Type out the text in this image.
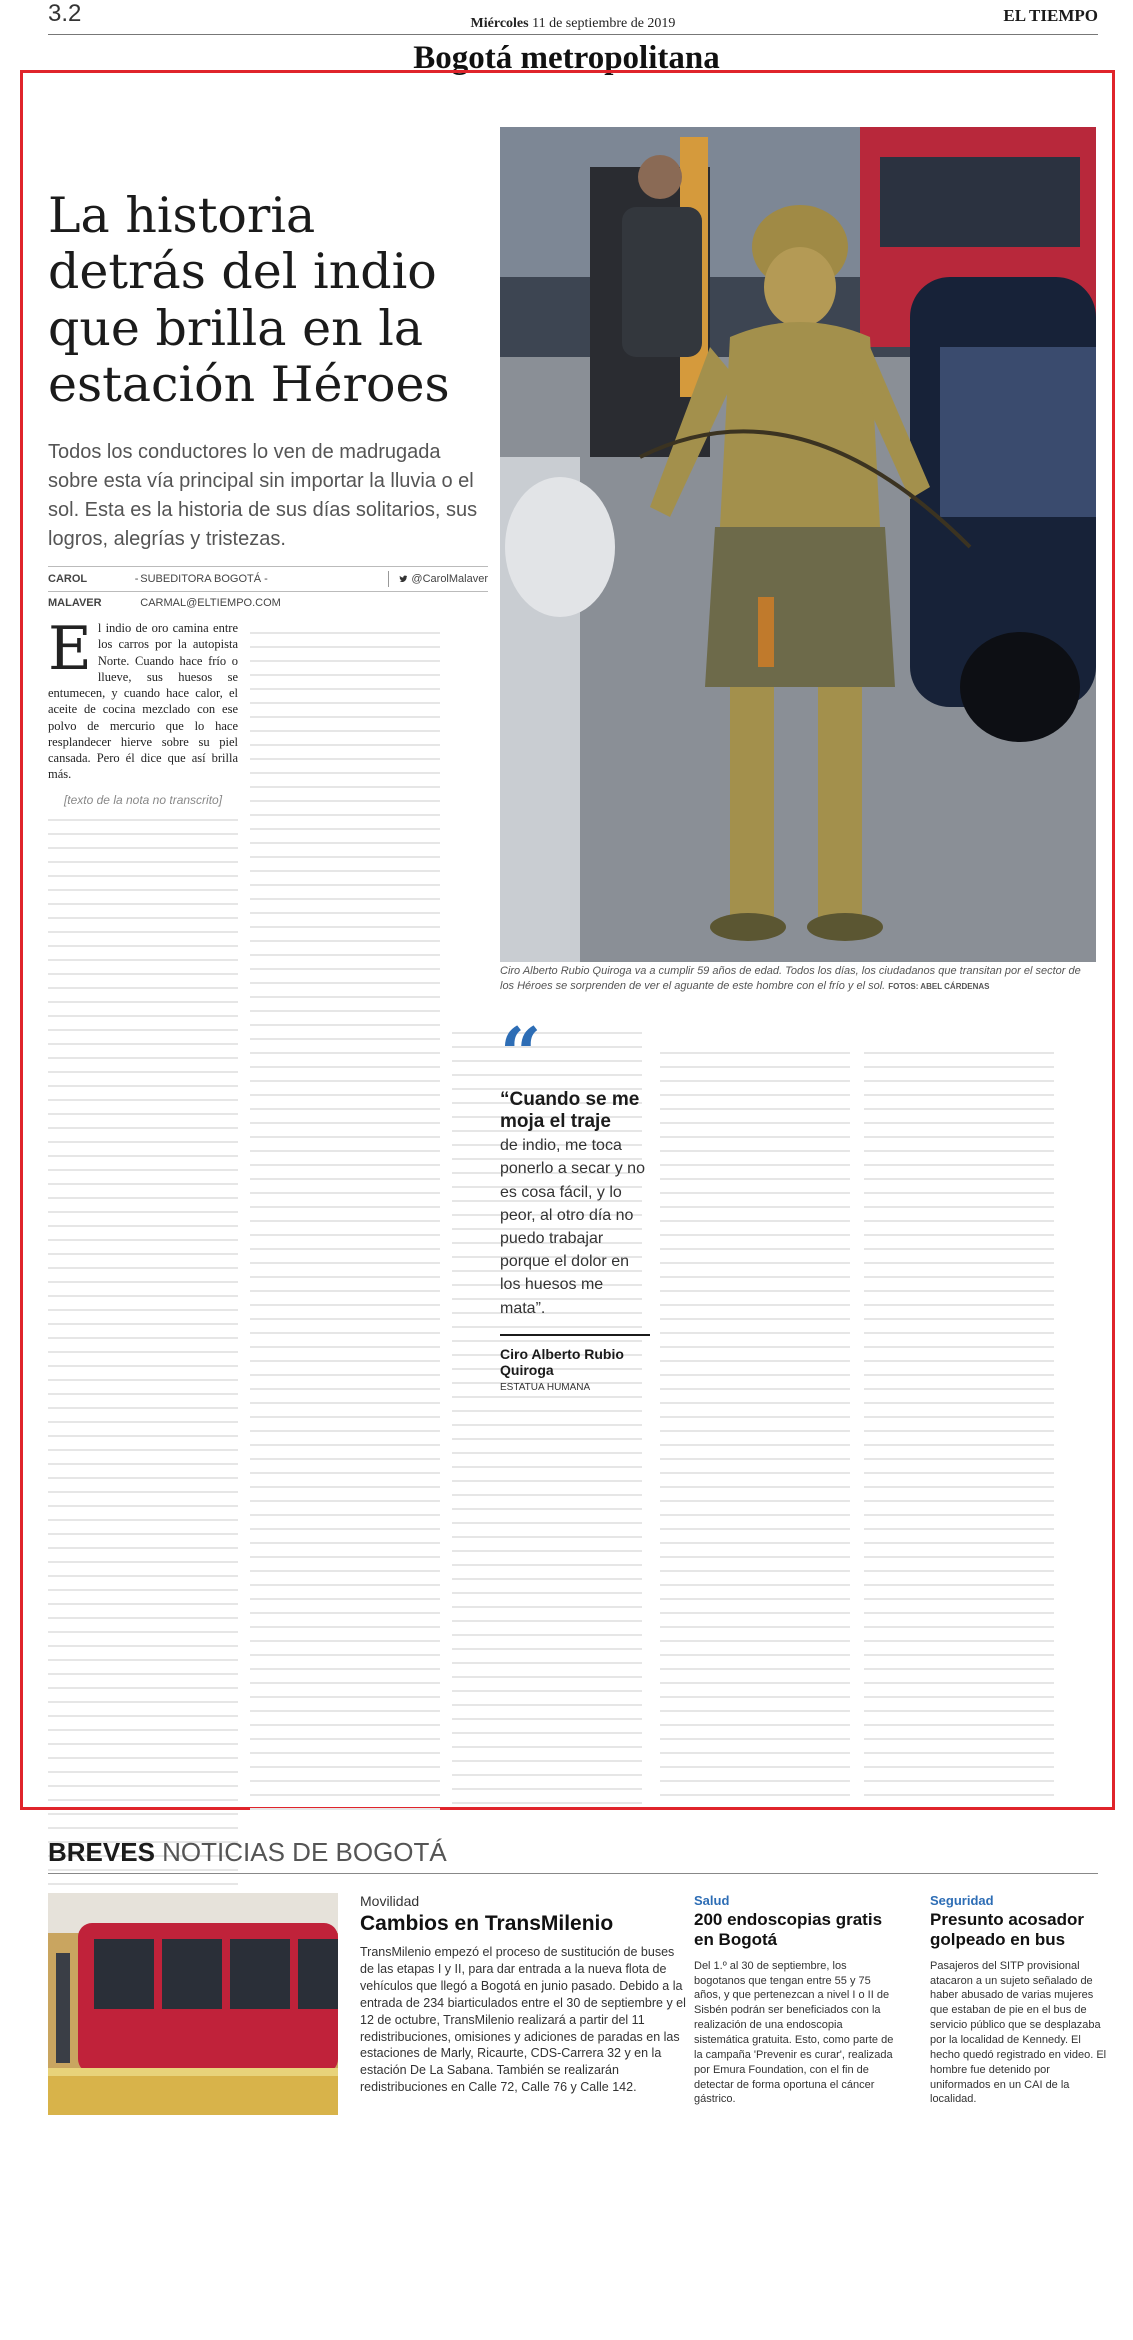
3.2	Miércoles 11 de septiembre de 2019	EL TIEMPO
Bogotá metropolitana
La historia detrás del indio que brilla en la estación Héroes

Todos los conductores lo ven de madrugada sobre esta vía principal sin importar la lluvia o el sol. Esta es la historia de sus días solitarios, sus logros, alegrías y tristezas.

CAROL MALAVER
-
SUBEDITORA BOGOTÁ - CARMAL@ELTIEMPO.COM
@CarolMalaver
Ciro Alberto Rubio Quiroga va a cumplir 59 años de edad. Todos los días, los ciudadanos que transitan por el sector de los Héroes se sorprenden de ver el aguante de este hombre con el frío y el sol. FOTOS: ABEL CÁRDENAS

E l indio de oro camina entre los carros por la autopista Norte. Cuando hace frío o llueve, sus huesos se entumecen, y cuando hace calor, el aceite de cocina mezclado con ese polvo de mercurio que lo hace resplandecer hierve sobre su piel cansada. Pero él dice que así brilla más.

[texto de la nota no transcrito]
“
“Cuando se me moja el traje
de indio, me toca ponerlo a secar y no es cosa fácil, y lo peor, al otro día no puedo trabajar porque el dolor en los huesos me mata”.
Ciro Alberto Rubio Quiroga
ESTATUA HUMANA
BREVES NOTICIAS DE BOGOTÁ
Movilidad
Cambios en TransMilenio
TransMilenio empezó el proceso de sustitución de buses de las etapas I y II, para dar entrada a la nueva flota de vehículos que llegó a Bogotá en junio pasado. Debido a la entrada de 234 biarticulados entre el 30 de septiembre y el 12 de octubre, TransMilenio realizará a partir del 11 redistribuciones, omisiones y adiciones de paradas en las estaciones de Marly, Ricaurte, CDS-Carrera 32 y en la estación De La Sabana. También se realizarán redistribuciones en Calle 72, Calle 76 y Calle 142.
Salud
200 endoscopias gratis en Bogotá
Del 1.º al 30 de septiembre, los bogotanos que tengan entre 55 y 75 años, y que pertenezcan a nivel I o II de Sisbén podrán ser beneficiados con la realización de una endoscopia sistemática gratuita. Esto, como parte de la campaña 'Prevenir es curar', realizada por Emura Foundation, con el fin de detectar de forma oportuna el cáncer gástrico.
Seguridad
Presunto acosador golpeado en bus
Pasajeros del SITP provisional atacaron a un sujeto señalado de haber abusado de varias mujeres que estaban de pie en el bus de servicio público que se desplazaba por la localidad de Kennedy. El hecho quedó registrado en video. El hombre fue detenido por uniformados en un CAI de la localidad.
